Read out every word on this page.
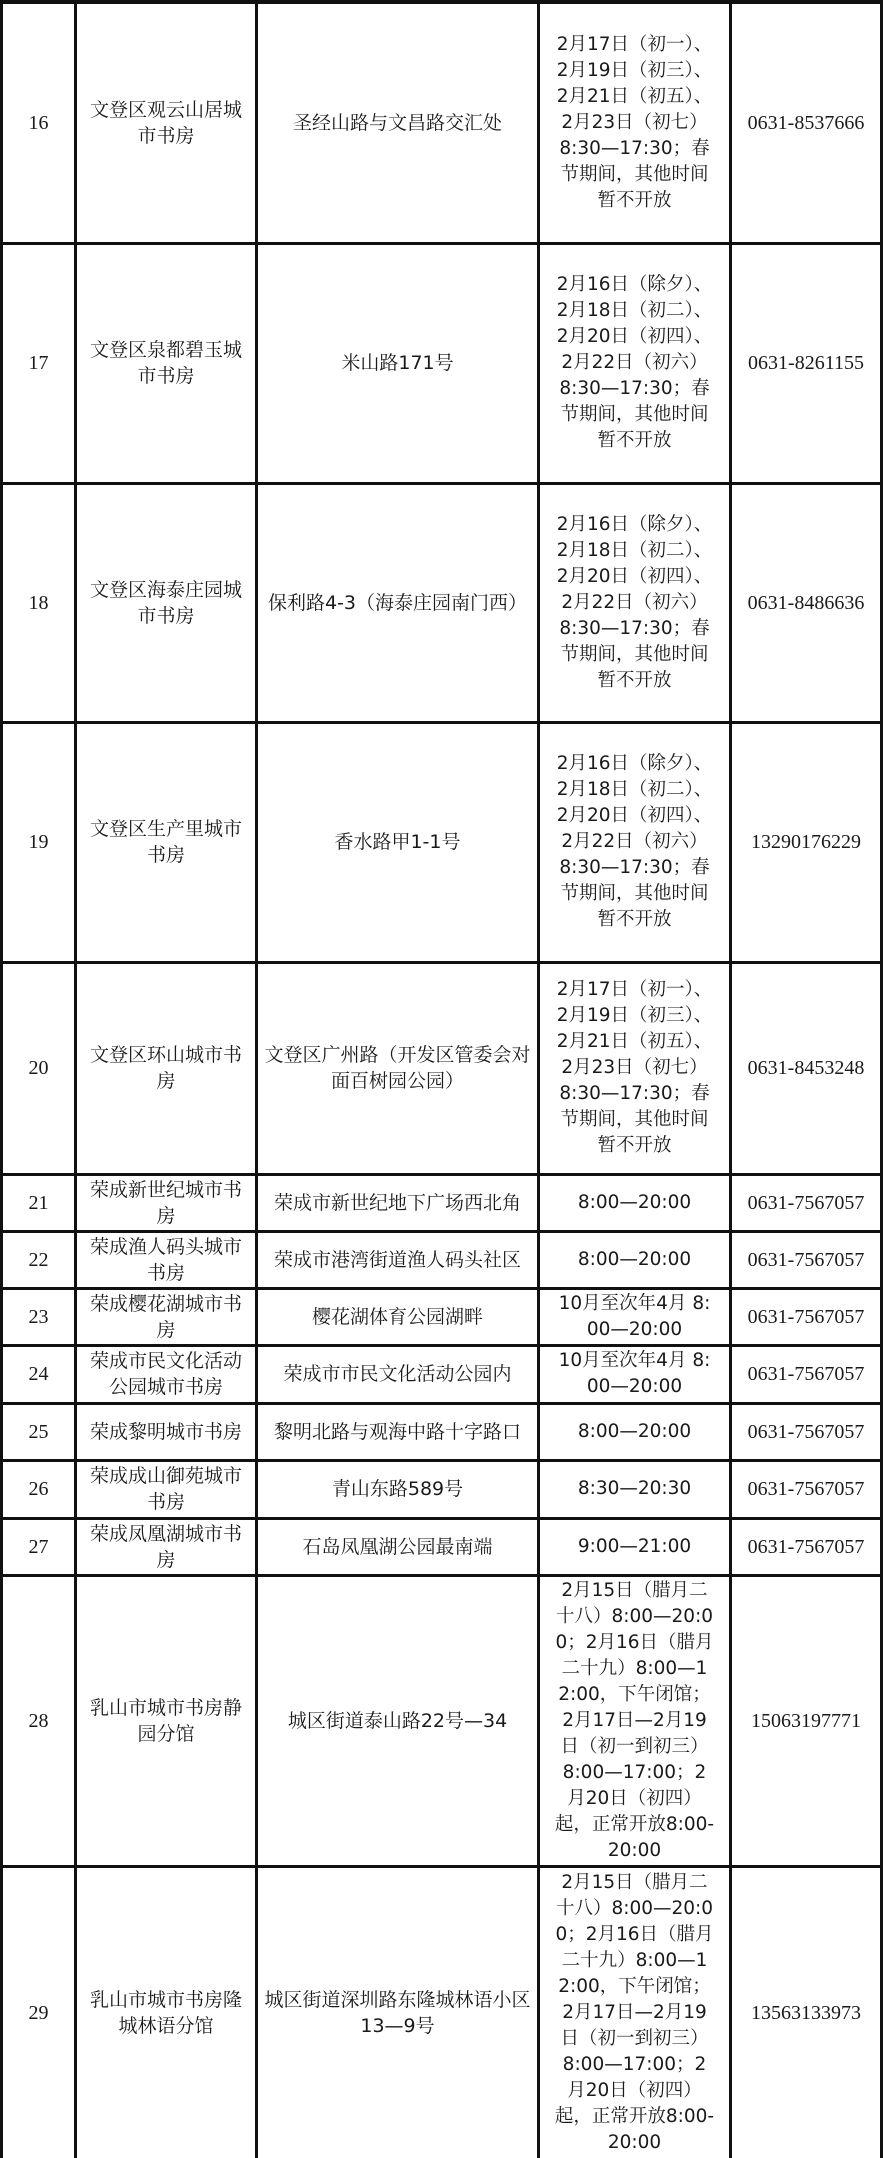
16	文登区观云山居城市书房	圣经山路与文昌路交汇处	2月17日（初一）、2月19日（初三）、2月21日（初五）、2月23日（初七）8:30—17:30；春节期间，其他时间暂不开放	0631-8537666
17	文登区泉都碧玉城市书房	米山路171号	2月16日（除夕）、2月18日（初二）、2月20日（初四）、2月22日（初六）8:30—17:30；春节期间，其他时间暂不开放	0631-8261155
18	文登区海泰庄园城市书房	保利路4-3（海泰庄园南门西）	2月16日（除夕）、2月18日（初二）、2月20日（初四）、2月22日（初六）8:30—17:30；春节期间，其他时间暂不开放	0631-8486636
19	文登区生产里城市书房	香水路甲1-1号	2月16日（除夕）、2月18日（初二）、2月20日（初四）、2月22日（初六）8:30—17:30；春节期间，其他时间暂不开放	13290176229
20	文登区环山城市书房	文登区广州路（开发区管委会对面百树园公园）	2月17日（初一）、2月19日（初三）、2月21日（初五）、2月23日（初七）8:30—17:30；春节期间，其他时间暂不开放	0631-8453248
21	荣成新世纪城市书房	荣成市新世纪地下广场西北角	8:00—20:00	0631-7567057
22	荣成渔人码头城市书房	荣成市港湾街道渔人码头社区	8:00—20:00	0631-7567057
23	荣成樱花湖城市书房	樱花湖体育公园湖畔	10月至次年4月 8:00—20:00	0631-7567057
24	荣成市民文化活动公园城市书房	荣成市市民文化活动公园内	10月至次年4月 8:00—20:00	0631-7567057
25	荣成黎明城市书房	黎明北路与观海中路十字路口	8:00—20:00	0631-7567057
26	荣成成山御苑城市书房	青山东路589号	8:30—20:30	0631-7567057
27	荣成凤凰湖城市书房	石岛凤凰湖公园最南端	9:00—21:00	0631-7567057
28	乳山市城市书房静园分馆	城区街道泰山路22号—34	2月15日（腊月二十八）8:00—20:00；2月16日（腊月二十九）8:00—12:00，下午闭馆；2月17日—2月19日（初一到初三）8:00—17:00；2月20日（初四）起，正常开放8:00-20:00	15063197771
29	乳山市城市书房隆城林语分馆	城区街道深圳路东隆城林语小区13—9号	2月15日（腊月二十八）8:00—20:00；2月16日（腊月二十九）8:00—12:00，下午闭馆；2月17日—2月19日（初一到初三）8:00—17:00；2月20日（初四）起，正常开放8:00-20:00	13563133973
